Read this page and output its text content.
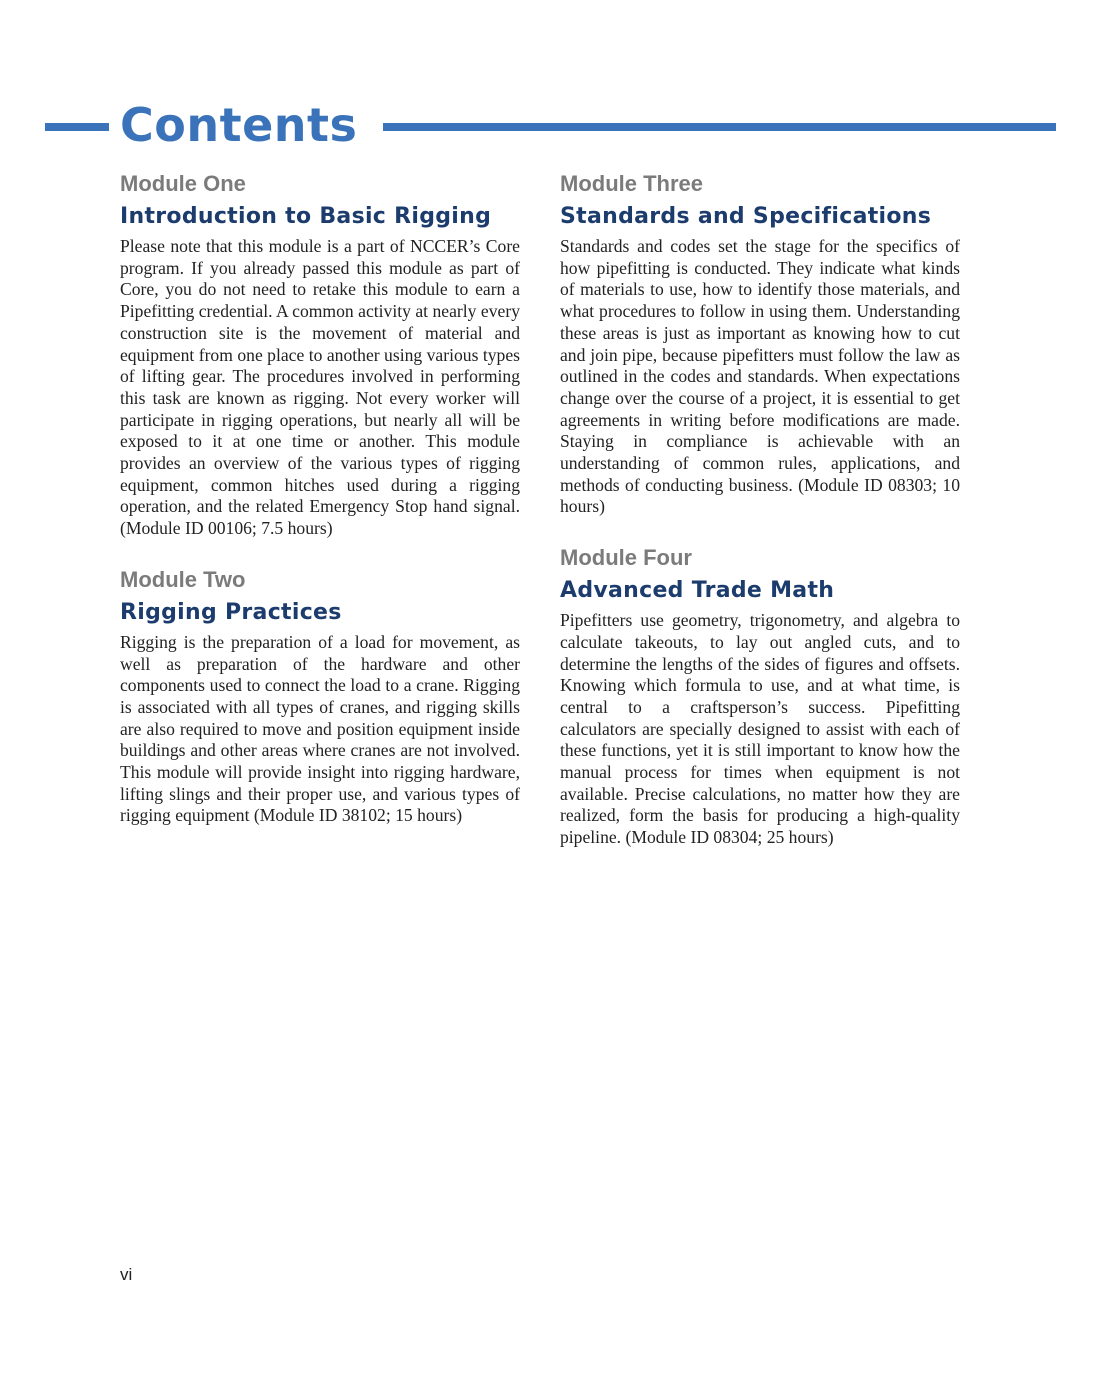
Contents
Module One
Introduction to Basic Rigging

Please note that this module is a part of NCCER’s Core program. If you already passed this module as part of Core, you do not need to retake this module to earn a Pipefitting credential. A common activity at nearly every construction site is the movement of material and equipment from one place to another using various types of lifting gear. The procedures involved in performing this task are known as rigging. Not every worker will participate in rigging operations, but nearly all will be exposed to it at one time or another. This module provides an overview of the various types of rigging equipment, common hitches used during a rigging operation, and the related Emergency Stop hand signal. (Module ID 00106; 7.5 hours)

Module Two
Rigging Practices

Rigging is the preparation of a load for movement, as well as preparation of the hardware and other components used to connect the load to a crane. Rigging is associated with all types of cranes, and rigging skills are also required to move and position equipment inside buildings and other areas where cranes are not involved. This module will provide insight into rigging hardware, lifting slings and their proper use, and various types of rigging equipment (Module ID 38102; 15 hours)

Module Three
Standards and Specifications

Standards and codes set the stage for the specifics of how pipefitting is conducted. They indicate what kinds of materials to use, how to identify those materials, and what procedures to follow in using them. Understanding these areas is just as important as knowing how to cut and join pipe, because pipefitters must follow the law as outlined in the codes and standards. When expectations change over the course of a project, it is essential to get agreements in writing before modifications are made. Staying in compliance is achievable with an understanding of common rules, applications, and methods of conducting business. (Module ID 08303; 10 hours)

Module Four
Advanced Trade Math

Pipefitters use geometry, trigonometry, and algebra to calculate takeouts, to lay out angled cuts, and to determine the lengths of the sides of figures and offsets. Knowing which formula to use, and at what time, is central to a craftsperson’s success. Pipefitting calculators are specially designed to assist with each of these functions, yet it is still important to know how the manual process for times when equipment is not available. Precise calculations, no matter how they are realized, form the basis for producing a high-quality pipeline. (Module ID 08304; 25 hours)

vi
